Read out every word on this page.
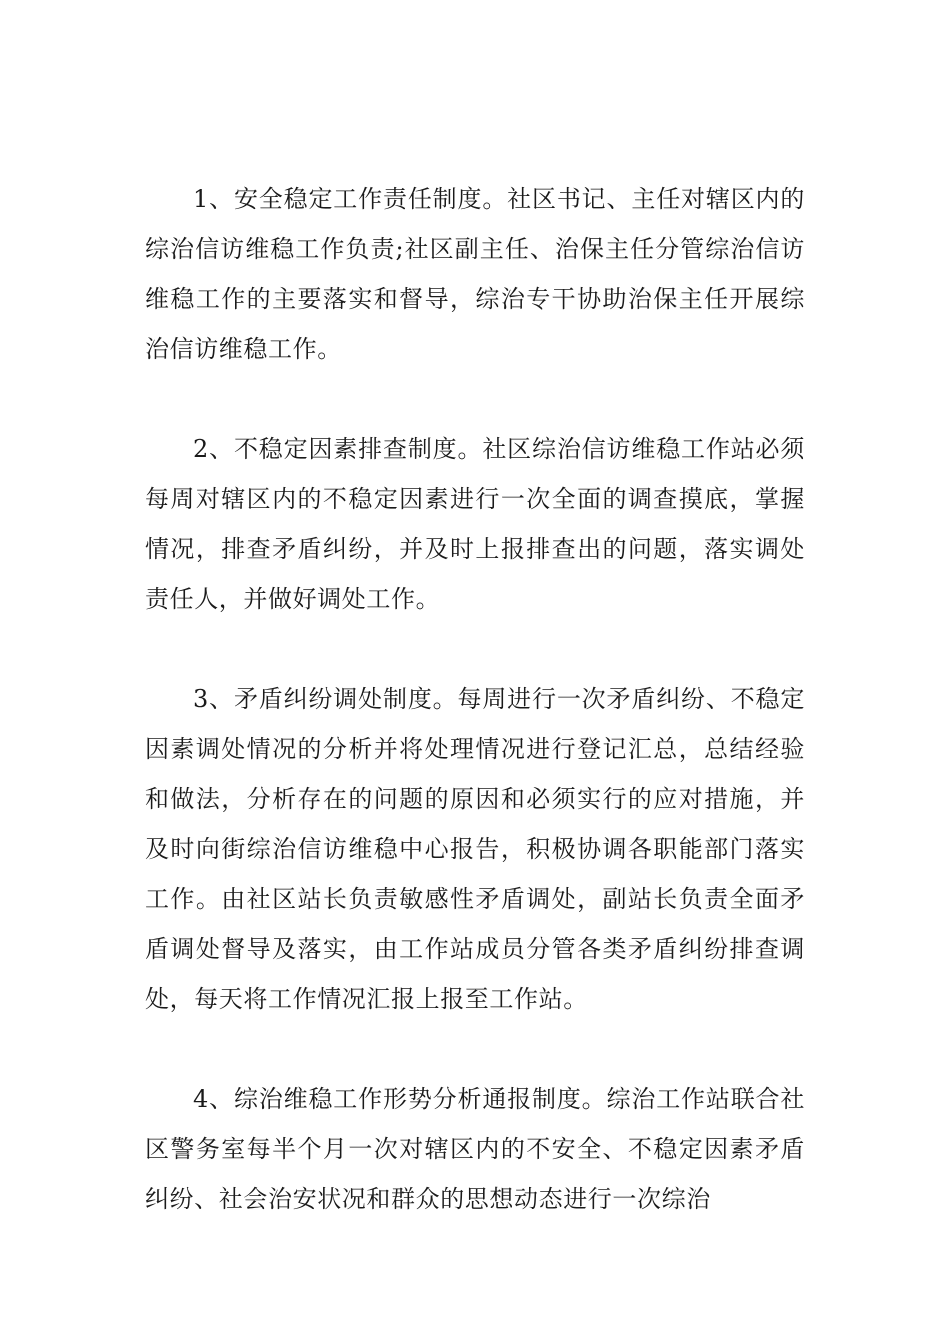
1、安全稳定工作责任制度。社区书记、主任对辖区内的综治信访维稳工作负责;社区副主任、治保主任分管综治信访维稳工作的主要落实和督导，综治专干协助治保主任开展综治信访维稳工作。

2、不稳定因素排查制度。社区综治信访维稳工作站必须每周对辖区内的不稳定因素进行一次全面的调查摸底，掌握情况，排查矛盾纠纷，并及时上报排查出的问题，落实调处责任人，并做好调处工作。

3、矛盾纠纷调处制度。每周进行一次矛盾纠纷、不稳定因素调处情况的分析并将处理情况进行登记汇总，总结经验和做法，分析存在的问题的原因和必须实行的应对措施，并及时向街综治信访维稳中心报告，积极协调各职能部门落实工作。由社区站长负责敏感性矛盾调处，副站长负责全面矛盾调处督导及落实，由工作站成员分管各类矛盾纠纷排查调处，每天将工作情况汇报上报至工作站。

4、综治维稳工作形势分析通报制度。综治工作站联合社区警务室每半个月一次对辖区内的不安全、不稳定因素矛盾纠纷、社会治安状况和群众的思想动态进行一次综治
